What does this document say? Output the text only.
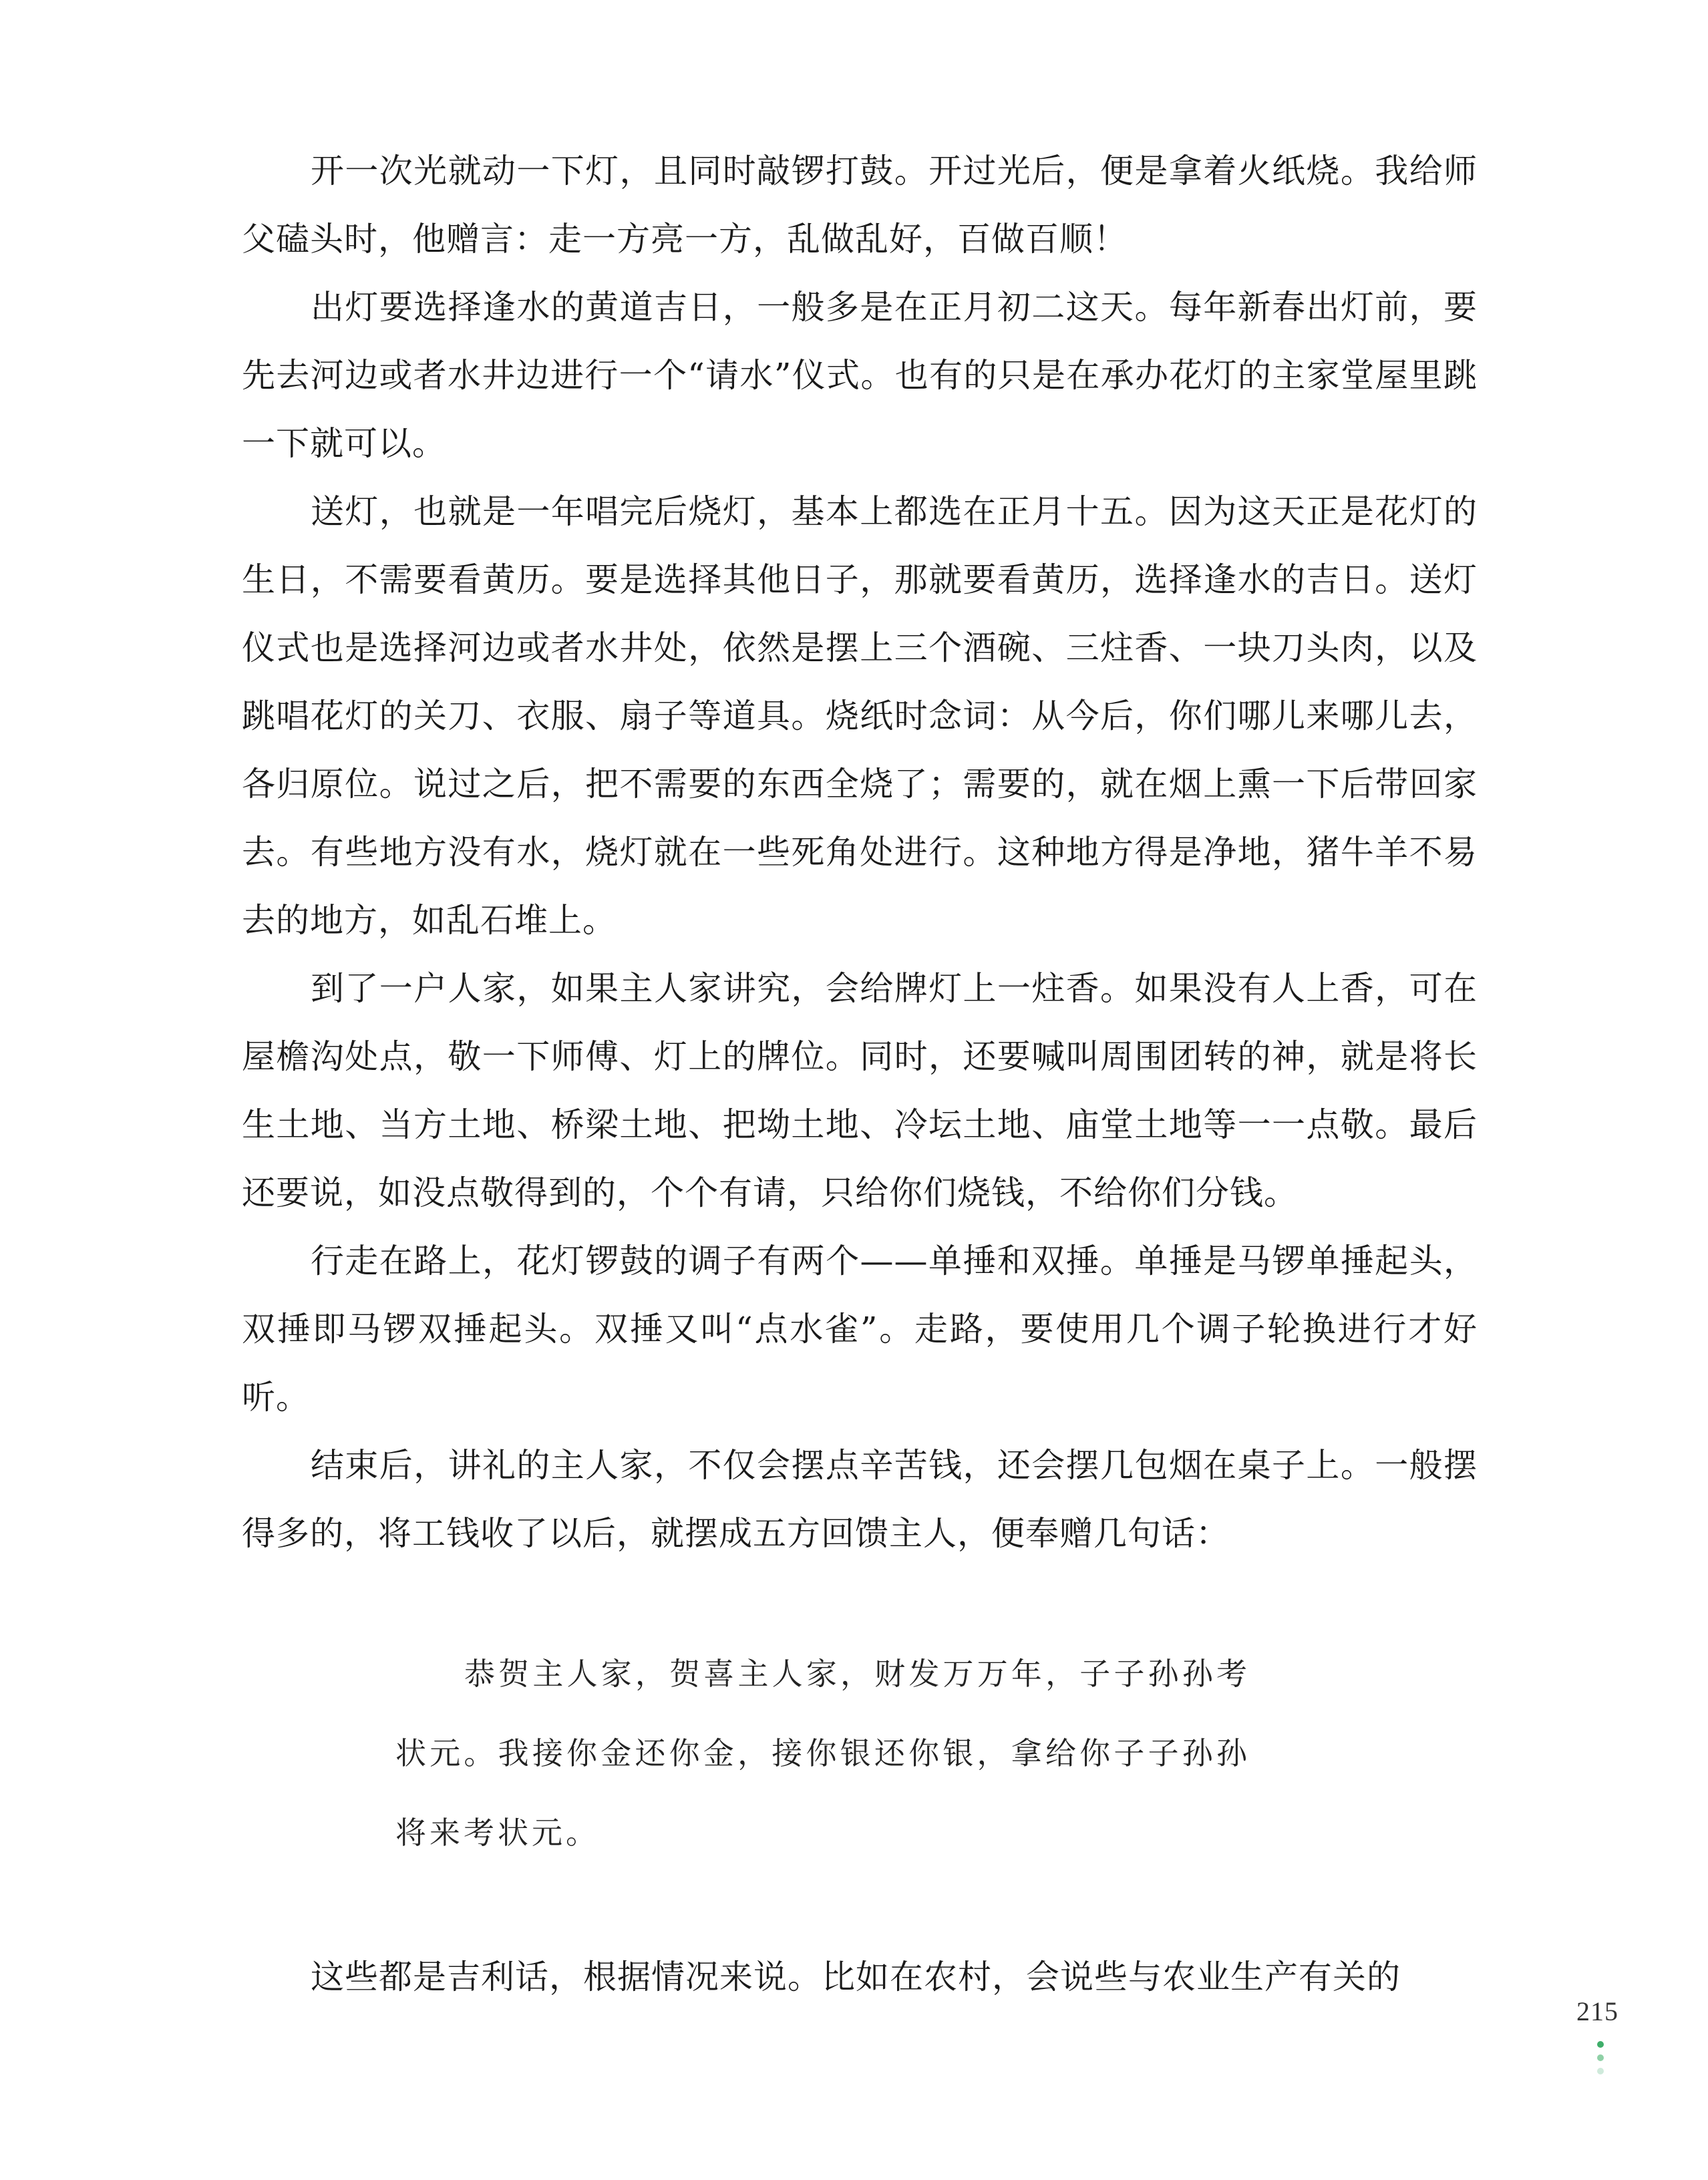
开一次光就动一下灯，且同时敲锣打鼓。开过光后，便是拿着火纸烧。我给师父磕头时，他赠言：走一方亮一方，乱做乱好，百做百顺！

出灯要选择逢水的黄道吉日，一般多是在正月初二这天。每年新春出灯前，要先去河边或者水井边进行一个“请水”仪式。也有的只是在承办花灯的主家堂屋里跳一下就可以。

送灯，也就是一年唱完后烧灯，基本上都选在正月十五。因为这天正是花灯的生日，不需要看黄历。要是选择其他日子，那就要看黄历，选择逢水的吉日。送灯仪式也是选择河边或者水井处，依然是摆上三个酒碗、三炷香、一块刀头肉，以及跳唱花灯的关刀、衣服、扇子等道具。烧纸时念词：从今后，你们哪儿来哪儿去，各归原位。说过之后，把不需要的东西全烧了；需要的，就在烟上熏一下后带回家去。有些地方没有水，烧灯就在一些死角处进行。这种地方得是净地，猪牛羊不易去的地方，如乱石堆上。

到了一户人家，如果主人家讲究，会给牌灯上一炷香。如果没有人上香，可在屋檐沟处点，敬一下师傅、灯上的牌位。同时，还要喊叫周围团转的神，就是将长生土地、当方土地、桥梁土地、把坳土地、冷坛土地、庙堂土地等一一点敬。最后还要说，如没点敬得到的，个个有请，只给你们烧钱，不给你们分钱。

行走在路上，花灯锣鼓的调子有两个——单捶和双捶。单捶是马锣单捶起头，双捶即马锣双捶起头。双捶又叫“点水雀”。走路，要使用几个调子轮换进行才好听。

结束后，讲礼的主人家，不仅会摆点辛苦钱，还会摆几包烟在桌子上。一般摆得多的，将工钱收了以后，就摆成五方回馈主人，便奉赠几句话：

恭贺主人家，贺喜主人家，财发万万年，子子孙孙考状元。我接你金还你金，接你银还你银，拿给你子子孙孙将来考状元。

这些都是吉利话，根据情况来说。比如在农村，会说些与农业生产有关的

215
